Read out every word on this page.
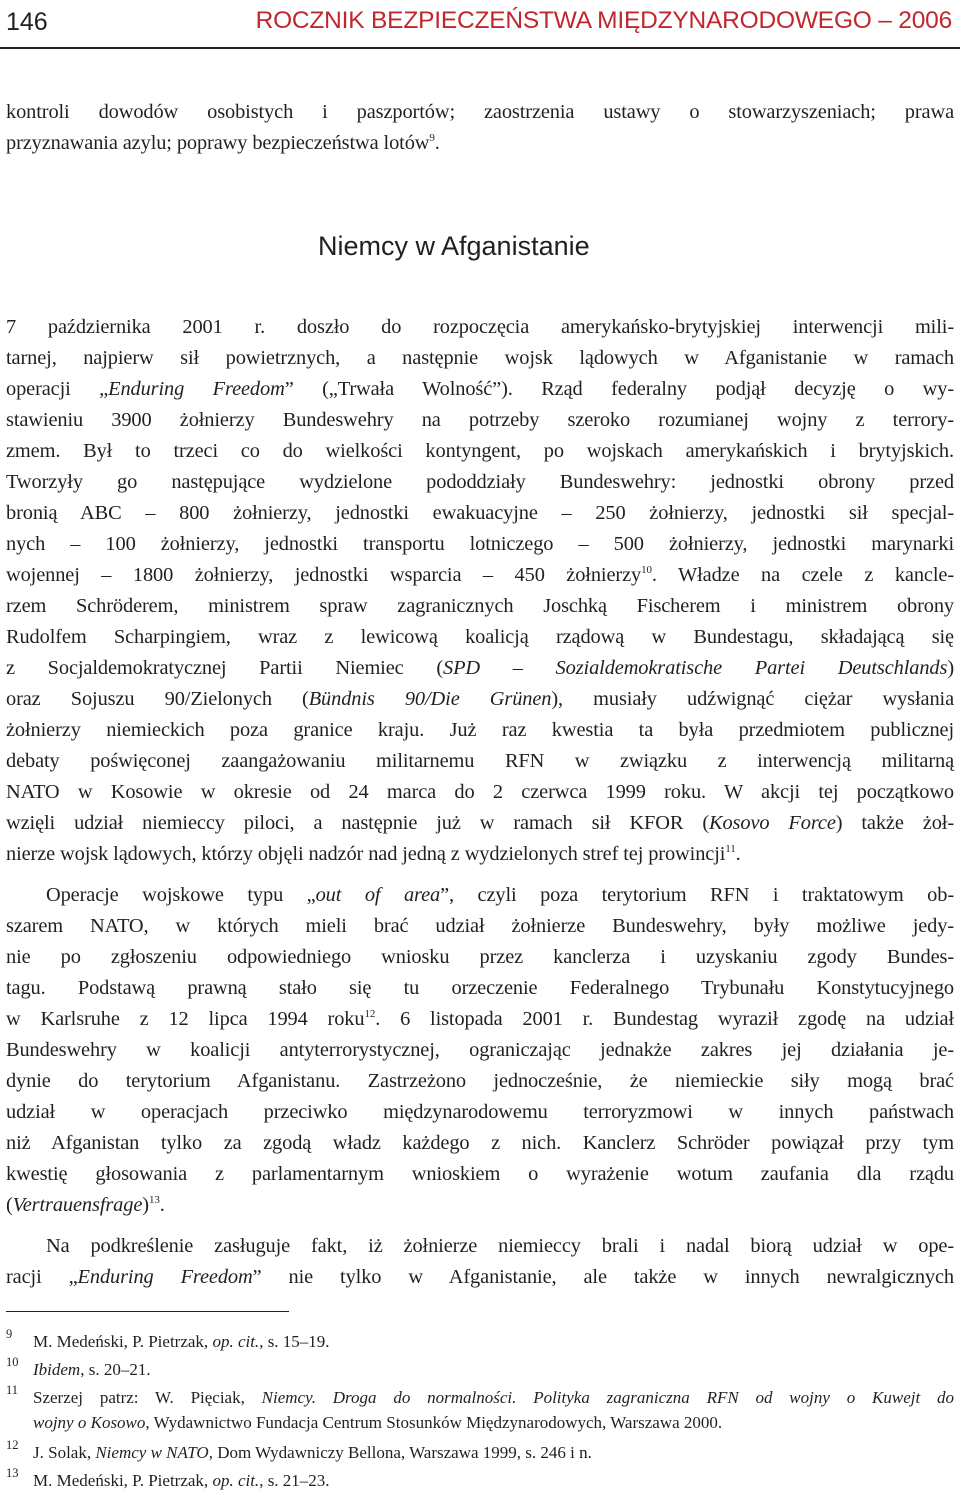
146	ROCZNIK BEZPIECZEŃSTWA MIĘDZYNARODOWEGO – 2006
kontroli dowodów osobistych i paszportów; zaostrzenia ustawy o stowarzyszeniach; prawa
przyznawania azylu; poprawy bezpieczeństwa lotów$^9$.
Niemcy w Afganistanie
7 października 2001 r. doszło do rozpoczęcia amerykańsko-brytyjskiej interwencji mili-
tarnej, najpierw sił powietrznych, a następnie wojsk lądowych w Afganistanie w ramach
operacji „Enduring Freedom” („Trwała Wolność”). Rząd federalny podjął decyzję o wy-
stawieniu 3900 żołnierzy Bundeswehry na potrzeby szeroko rozumianej wojny z terrory-
zmem. Był to trzeci co do wielkości kontyngent, po wojskach amerykańskich i brytyjskich.
Tworzyły go następujące wydzielone pododdziały Bundeswehry: jednostki obrony przed
bronią ABC – 800 żołnierzy, jednostki ewakuacyjne – 250 żołnierzy, jednostki sił specjal-
nych – 100 żołnierzy, jednostki transportu lotniczego – 500 żołnierzy, jednostki marynarki
wojennej – 1800 żołnierzy, jednostki wsparcia – 450 żołnierzy$^{10}$. Władze na czele z kancle-
rzem Schröderem, ministrem spraw zagranicznych Joschką Fischerem i ministrem obrony
Rudolfem Scharpingiem, wraz z lewicową koalicją rządową w Bundestagu, składającą się
z Socjaldemokratycznej Partii Niemiec (SPD – Sozialdemokratische Partei Deutschlands)
oraz Sojuszu 90/Zielonych (Bündnis 90/Die Grünen), musiały udźwignąć ciężar wysłania
żołnierzy niemieckich poza granice kraju. Już raz kwestia ta była przedmiotem publicznej
debaty poświęconej zaangażowaniu militarnemu RFN w związku z interwencją militarną
NATO w Kosowie w okresie od 24 marca do 2 czerwca 1999 roku. W akcji tej początkowo
wzięli udział niemieccy piloci, a następnie już w ramach sił KFOR (Kosovo Force) także żoł-
nierze wojsk lądowych, którzy objęli nadzór nad jedną z wydzielonych stref tej prowincji$^{11}$.
Operacje wojskowe typu „out of area”, czyli poza terytorium RFN i traktatowym ob-
szarem NATO, w których mieli brać udział żołnierze Bundeswehry, były możliwe jedy-
nie po zgłoszeniu odpowiedniego wniosku przez kanclerza i uzyskaniu zgody Bundes-
tagu. Podstawą prawną stało się tu orzeczenie Federalnego Trybunału Konstytucyjnego
w Karlsruhe z 12 lipca 1994 roku$^{12}$. 6 listopada 2001 r. Bundestag wyraził zgodę na udział
Bundeswehry w koalicji antyterrorystycznej, ograniczając jednakże zakres jej działania je-
dynie do terytorium Afganistanu. Zastrzeżono jednocześnie, że niemieckie siły mogą brać
udział w operacjach przeciwko międzynarodowemu terroryzmowi w innych państwach
niż Afganistan tylko za zgodą władz każdego z nich. Kanclerz Schröder powiązał przy tym
kwestię głosowania z parlamentarnym wnioskiem o wyrażenie wotum zaufania dla rządu
(Vertrauensfrage)$^{13}$.
Na podkreślenie zasługuje fakt, iż żołnierze niemieccy brali i nadal biorą udział w ope-
racji „Enduring Freedom” nie tylko w Afganistanie, ale także w innych newralgicznych
9 M. Medeński, P. Pietrzak, op. cit., s. 15–19.
10 Ibidem, s. 20–21.
11 Szerzej patrz: W. Pięciak, Niemcy. Droga do normalności. Polityka zagraniczna RFN od wojny o Kuwejt do
wojny o Kosowo, Wydawnictwo Fundacja Centrum Stosunków Międzynarodowych, Warszawa 2000.
12 J. Solak, Niemcy w NATO, Dom Wydawniczy Bellona, Warszawa 1999, s. 246 i n.
13 M. Medeński, P. Pietrzak, op. cit., s. 21–23.
